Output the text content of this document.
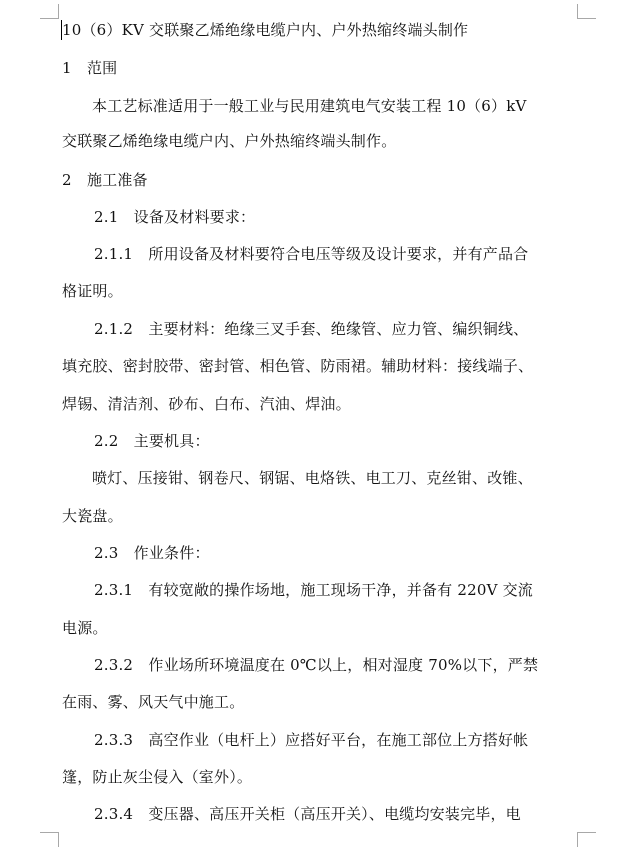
10（6）KV 交联聚乙烯绝缘电缆户内、户外热缩终端头制作
1　范围
本工艺标准适用于一般工业与民用建筑电气安装工程 10（6）kV
交联聚乙烯绝缘电缆户内、户外热缩终端头制作。
2　施工准备
2.1　设备及材料要求：
2.1.1　所用设备及材料要符合电压等级及设计要求，并有产品合
格证明。
2.1.2　主要材料：绝缘三叉手套、绝缘管、应力管、编织铜线、
填充胶、密封胶带、密封管、相色管、防雨裙。辅助材料：接线端子、
焊锡、清洁剂、砂布、白布、汽油、焊油。
2.2　主要机具：
喷灯、压接钳、钢卷尺、钢锯、电烙铁、电工刀、克丝钳、改锥、
大瓷盘。
2.3　作业条件：
2.3.1　有较宽敞的操作场地，施工现场干净，并备有 220V 交流
电源。
2.3.2　作业场所环境温度在 0℃以上，相对湿度 70%以下，严禁
在雨、雾、风天气中施工。
2.3.3　高空作业（电杆上）应搭好平台，在施工部位上方搭好帐
篷，防止灰尘侵入（室外）。
2.3.4　变压器、高压开关柜（高压开关）、电缆均安装完毕，电
